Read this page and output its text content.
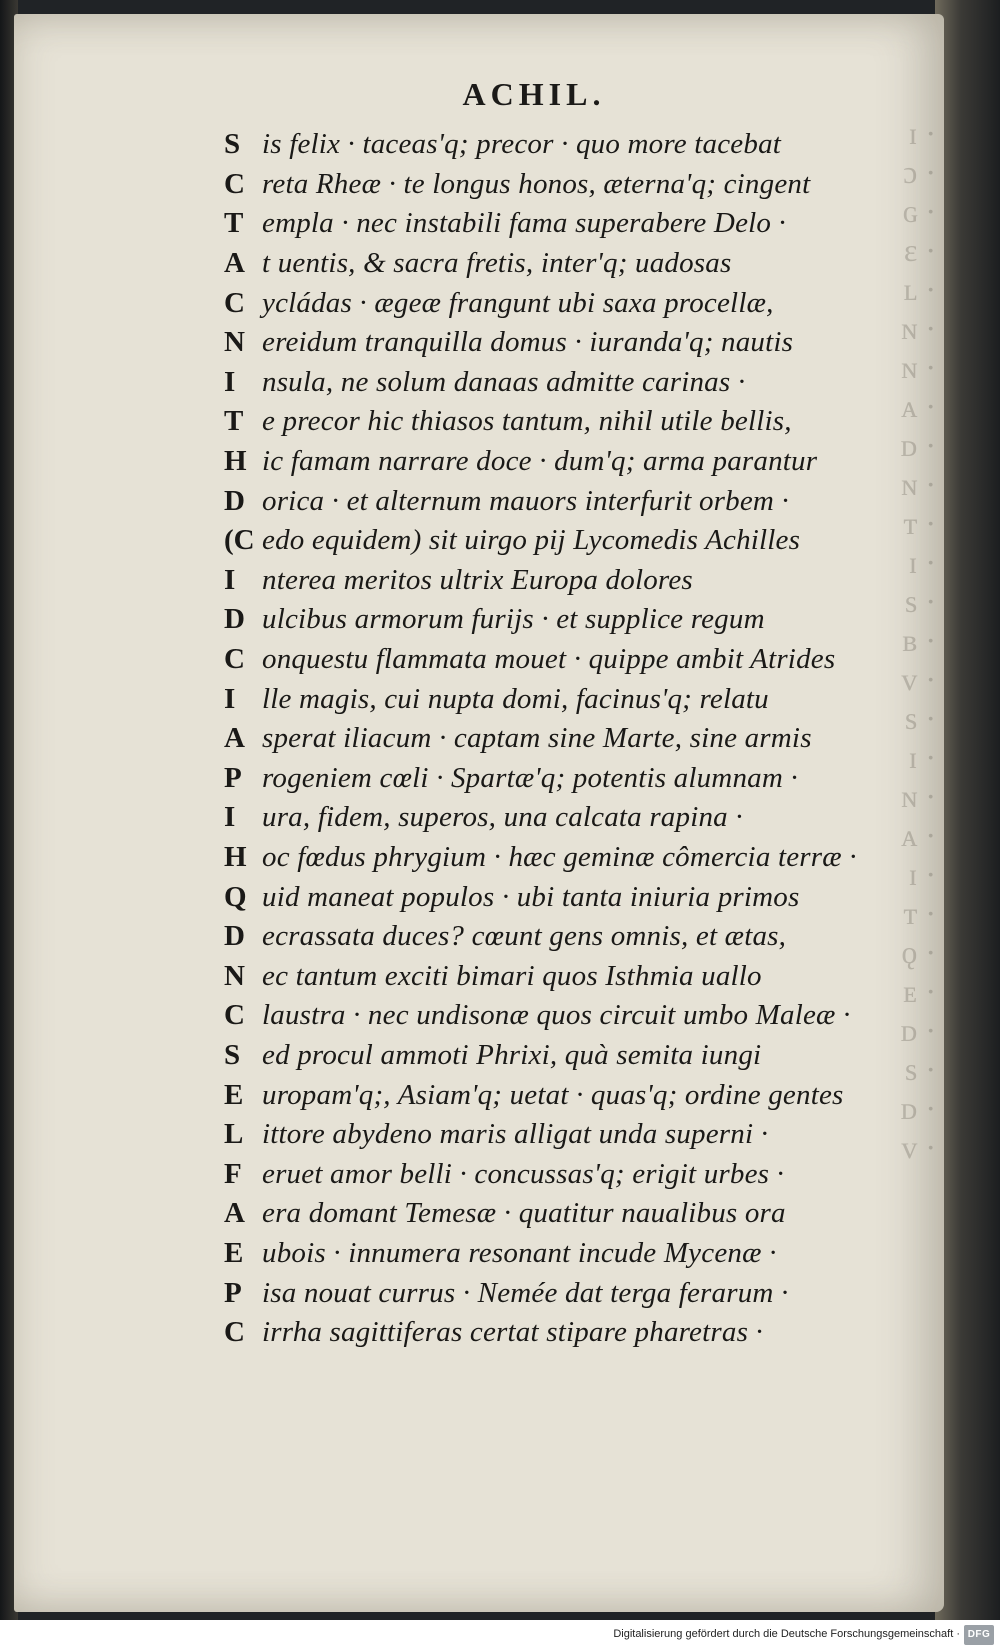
ɪ ·
ɔ ·
ɢ ·
ɛ ·
ʟ ·
ɴ ·
ɴ ·
ᴀ ·
ᴅ ·
ɴ ·
ᴛ ·
ɪ ·
s ·
ʙ ·
ᴠ ·
s ·
ɪ ·
ɴ ·
ᴀ ·
ɪ ·
ᴛ ·
ǫ ·
ᴇ ·
ᴅ ·
s ·
ᴅ ·
ᴠ ·
ACHIL.
S is felix · taceas'q; precor · quo more tacebat
C reta Rheæ · te longus honos, æterna'q; cingent
T empla · nec instabili fama superabere Delo ·
A t uentis, & sacra fretis, inter'q; uadosas
C ycládas · ægeæ frangunt ubi saxa procellæ,
N ereidum tranquilla domus · iuranda'q; nautis
I nsula, ne solum danaas admitte carinas ·
T e precor hic thiasos tantum, nihil utile bellis,
H ic famam narrare doce · dum'q; arma parantur
D orica · et alternum mauors interfurit orbem ·
(C edo equidem) sit uirgo pij Lycomedis Achilles
I nterea meritos ultrix Europa dolores
D ulcibus armorum furijs · et supplice regum
C onquestu flammata mouet · quippe ambit Atrides
I lle magis, cui nupta domi, facinus'q; relatu
A sperat iliacum · captam sine Marte, sine armis
P rogeniem cœli · Spartæ'q; potentis alumnam ·
I ura, fidem, superos, una calcata rapina ·
H oc fœdus phrygium · hæc geminæ cômercia terræ ·
Q uid maneat populos · ubi tanta iniuria primos
D ecrassata duces? cœunt gens omnis, et ætas,
N ec tantum exciti bimari quos Isthmia uallo
C laustra · nec undisonæ quos circuit umbo Maleæ ·
S ed procul ammoti Phrixi, quà semita iungi
E uropam'q;, Asiam'q; uetat · quas'q; ordine gentes
L ittore abydeno maris alligat unda superni ·
F eruet amor belli · concussas'q; erigit urbes ·
A era domant Temesæ · quatitur naualibus ora
E ubois · innumera resonant incude Mycenæ ·
P isa nouat currus · Nemée dat terga ferarum ·
C irrha sagittiferas certat stipare pharetras ·
Digitalisierung gefördert durch die Deutsche Forschungsgemeinschaft · DFG
